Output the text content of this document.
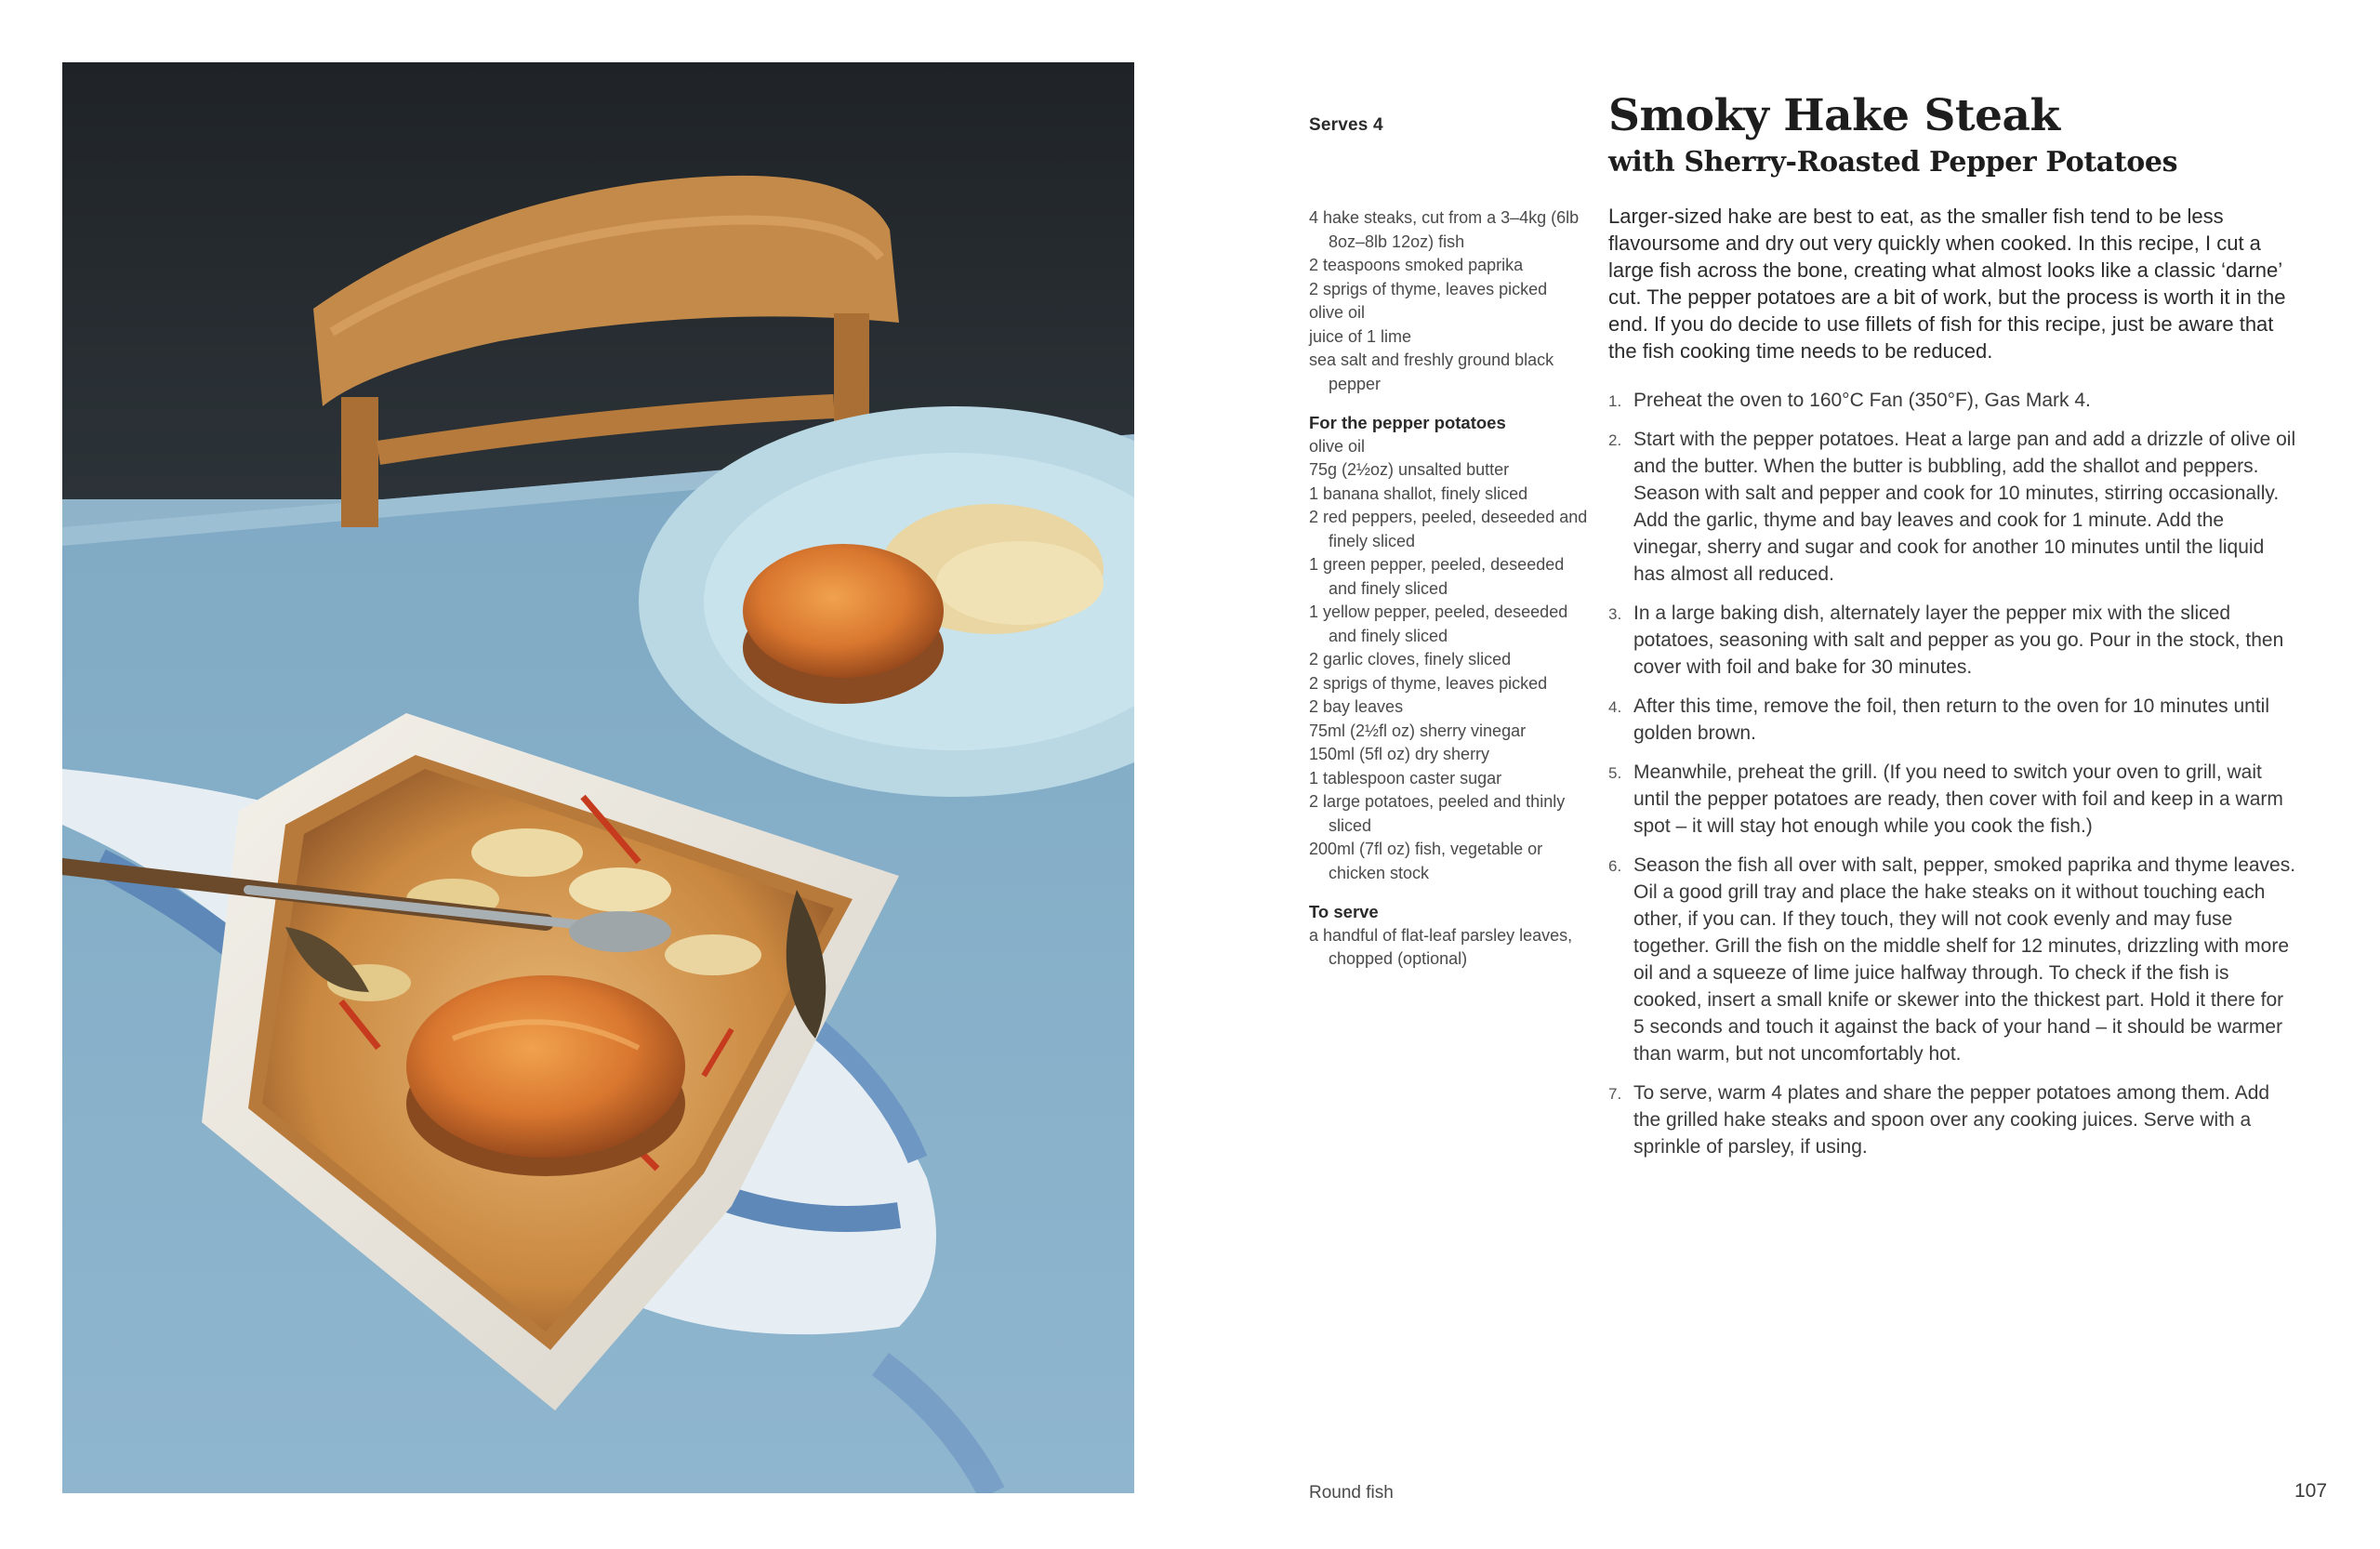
Serves 4
4 hake steaks, cut from a 3–4kg (6lb 8oz–8lb 12oz) fish
2 teaspoons smoked paprika
2 sprigs of thyme, leaves picked
olive oil
juice of 1 lime
sea salt and freshly ground black pepper
For the pepper potatoes
olive oil
75g (2½oz) unsalted butter
1 banana shallot, finely sliced
2 red peppers, peeled, deseeded and finely sliced
1 green pepper, peeled, deseeded and finely sliced
1 yellow pepper, peeled, deseeded and finely sliced
2 garlic cloves, finely sliced
2 sprigs of thyme, leaves picked
2 bay leaves
75ml (2½fl oz) sherry vinegar
150ml (5fl oz) dry sherry
1 tablespoon caster sugar
2 large potatoes, peeled and thinly sliced
200ml (7fl oz) fish, vegetable or chicken stock
To serve
a handful of flat-leaf parsley leaves, chopped (optional)
Smoky Hake Steak
with Sherry-Roasted Pepper Potatoes

Larger-sized hake are best to eat, as the smaller fish tend to be less flavoursome and dry out very quickly when cooked. In this recipe, I cut a large fish across the bone, creating what almost looks like a classic ‘darne’ cut. The pepper potatoes are a bit of work, but the process is worth it in the end. If you do decide to use fillets of fish for this recipe, just be aware that the fish cooking time needs to be reduced.

1. Preheat the oven to 160°C Fan (350°F), Gas Mark 4.
2. Start with the pepper potatoes. Heat a large pan and add a drizzle of olive oil and the butter. When the butter is bubbling, add the shallot and peppers. Season with salt and pepper and cook for 10 minutes, stirring occasionally. Add the garlic, thyme and bay leaves and cook for 1 minute. Add the vinegar, sherry and sugar and cook for another 10 minutes until the liquid has almost all reduced.
3. In a large baking dish, alternately layer the pepper mix with the sliced potatoes, seasoning with salt and pepper as you go. Pour in the stock, then cover with foil and bake for 30 minutes.
4. After this time, remove the foil, then return to the oven for 10 minutes until golden brown.
5. Meanwhile, preheat the grill. (If you need to switch your oven to grill, wait until the pepper potatoes are ready, then cover with foil and keep in a warm spot – it will stay hot enough while you cook the fish.)
6. Season the fish all over with salt, pepper, smoked paprika and thyme leaves. Oil a good grill tray and place the hake steaks on it without touching each other, if you can. If they touch, they will not cook evenly and may fuse together. Grill the fish on the middle shelf for 12 minutes, drizzling with more oil and a squeeze of lime juice halfway through. To check if the fish is cooked, insert a small knife or skewer into the thickest part. Hold it there for 5 seconds and touch it against the back of your hand – it should be warmer than warm, but not uncomfortably hot.
7. To serve, warm 4 plates and share the pepper potatoes among them. Add the grilled hake steaks and spoon over any cooking juices. Serve with a sprinkle of parsley, if using.
Round fish	107
